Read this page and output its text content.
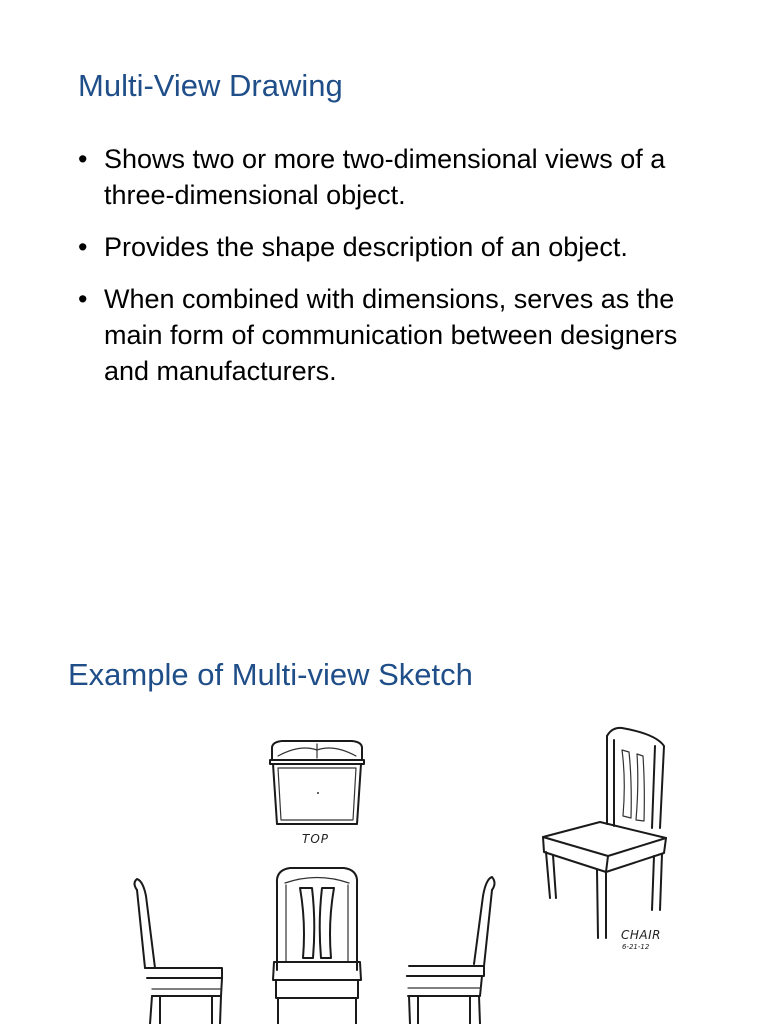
Multi-View Drawing
• Shows two or more two-dimensional views of a three-dimensional object.
• Provides the shape description of an object.
• When combined with dimensions, serves as the main form of communication between designers and manufacturers.
Example of Multi-view Sketch
TOP
CHAIR
6-21-12
